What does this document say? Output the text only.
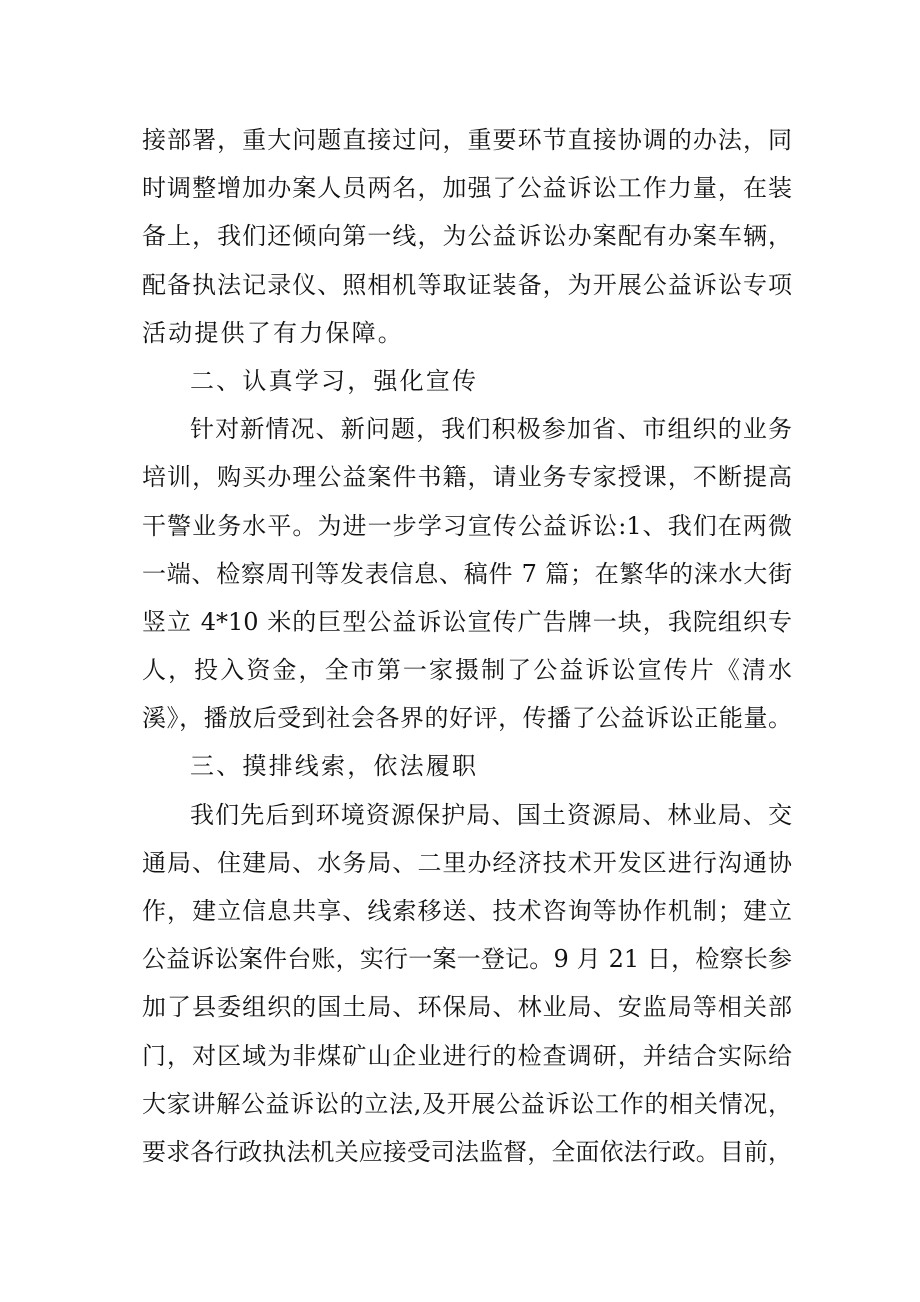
接部署，重大问题直接过问，重要环节直接协调的办法，同
时调整增加办案人员两名，加强了公益诉讼工作力量，在装
备上，我们还倾向第一线，为公益诉讼办案配有办案车辆，
配备执法记录仪、照相机等取证装备，为开展公益诉讼专项
活动提供了有力保障。
二、认真学习，强化宣传
针对新情况、新问题，我们积极参加省、市组织的业务
培训，购买办理公益案件书籍，请业务专家授课，不断提高
干警业务水平。为进一步学习宣传公益诉讼:1、我们在两微
一端、检察周刊等发表信息、稿件 7 篇；在繁华的涞水大街
竖立 4*10 米的巨型公益诉讼宣传广告牌一块，我院组织专
人，投入资金，全市第一家摄制了公益诉讼宣传片《清水
溪》，播放后受到社会各界的好评，传播了公益诉讼正能量。
三、摸排线索，依法履职
我们先后到环境资源保护局、国土资源局、林业局、交
通局、住建局、水务局、二里办经济技术开发区进行沟通协
作，建立信息共享、线索移送、技术咨询等协作机制；建立
公益诉讼案件台账，实行一案一登记。9 月 21 日，检察长参
加了县委组织的国土局、环保局、林业局、安监局等相关部
门，对区域为非煤矿山企业进行的检查调研，并结合实际给
大家讲解公益诉讼的立法,及开展公益诉讼工作的相关情况，
要求各行政执法机关应接受司法监督，全面依法行政。目前，
